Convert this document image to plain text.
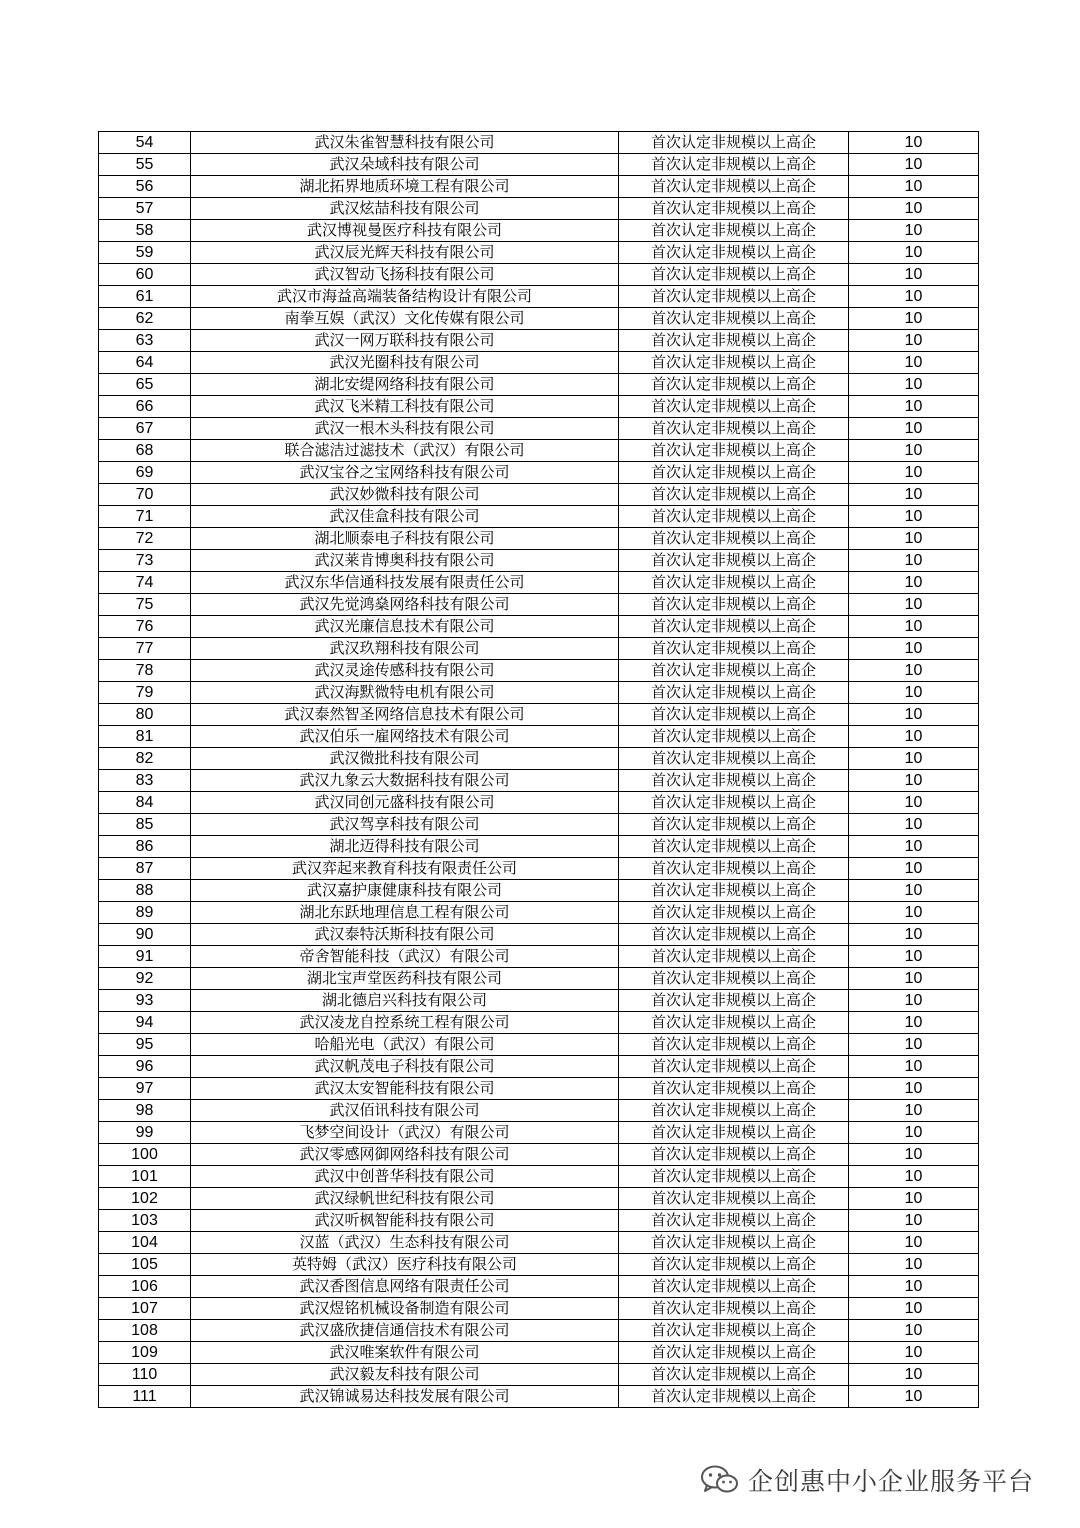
54	武汉朱雀智慧科技有限公司	首次认定非规模以上高企	10
55	武汉朵域科技有限公司	首次认定非规模以上高企	10
56	湖北拓界地质环境工程有限公司	首次认定非规模以上高企	10
57	武汉炫喆科技有限公司	首次认定非规模以上高企	10
58	武汉博视曼医疗科技有限公司	首次认定非规模以上高企	10
59	武汉辰光辉天科技有限公司	首次认定非规模以上高企	10
60	武汉智动飞扬科技有限公司	首次认定非规模以上高企	10
61	武汉市海益高端装备结构设计有限公司	首次认定非规模以上高企	10
62	南拳互娱（武汉）文化传媒有限公司	首次认定非规模以上高企	10
63	武汉一网万联科技有限公司	首次认定非规模以上高企	10
64	武汉光圈科技有限公司	首次认定非规模以上高企	10
65	湖北安缇网络科技有限公司	首次认定非规模以上高企	10
66	武汉飞米精工科技有限公司	首次认定非规模以上高企	10
67	武汉一根木头科技有限公司	首次认定非规模以上高企	10
68	联合滤洁过滤技术（武汉）有限公司	首次认定非规模以上高企	10
69	武汉宝谷之宝网络科技有限公司	首次认定非规模以上高企	10
70	武汉妙微科技有限公司	首次认定非规模以上高企	10
71	武汉佳盒科技有限公司	首次认定非规模以上高企	10
72	湖北顺泰电子科技有限公司	首次认定非规模以上高企	10
73	武汉莱肯博奥科技有限公司	首次认定非规模以上高企	10
74	武汉东华信通科技发展有限责任公司	首次认定非规模以上高企	10
75	武汉先觉鸿燊网络科技有限公司	首次认定非规模以上高企	10
76	武汉光廉信息技术有限公司	首次认定非规模以上高企	10
77	武汉玖翔科技有限公司	首次认定非规模以上高企	10
78	武汉灵途传感科技有限公司	首次认定非规模以上高企	10
79	武汉海默微特电机有限公司	首次认定非规模以上高企	10
80	武汉泰然智圣网络信息技术有限公司	首次认定非规模以上高企	10
81	武汉伯乐一雇网络技术有限公司	首次认定非规模以上高企	10
82	武汉微批科技有限公司	首次认定非规模以上高企	10
83	武汉九象云大数据科技有限公司	首次认定非规模以上高企	10
84	武汉同创元盛科技有限公司	首次认定非规模以上高企	10
85	武汉驾享科技有限公司	首次认定非规模以上高企	10
86	湖北迈得科技有限公司	首次认定非规模以上高企	10
87	武汉弈起来教育科技有限责任公司	首次认定非规模以上高企	10
88	武汉嘉护康健康科技有限公司	首次认定非规模以上高企	10
89	湖北东跃地理信息工程有限公司	首次认定非规模以上高企	10
90	武汉泰特沃斯科技有限公司	首次认定非规模以上高企	10
91	帝舍智能科技（武汉）有限公司	首次认定非规模以上高企	10
92	湖北宝声堂医药科技有限公司	首次认定非规模以上高企	10
93	湖北德启兴科技有限公司	首次认定非规模以上高企	10
94	武汉凌龙自控系统工程有限公司	首次认定非规模以上高企	10
95	哈船光电（武汉）有限公司	首次认定非规模以上高企	10
96	武汉帆茂电子科技有限公司	首次认定非规模以上高企	10
97	武汉太安智能科技有限公司	首次认定非规模以上高企	10
98	武汉佰讯科技有限公司	首次认定非规模以上高企	10
99	飞梦空间设计（武汉）有限公司	首次认定非规模以上高企	10
100	武汉零感网御网络科技有限公司	首次认定非规模以上高企	10
101	武汉中创普华科技有限公司	首次认定非规模以上高企	10
102	武汉绿帆世纪科技有限公司	首次认定非规模以上高企	10
103	武汉听枫智能科技有限公司	首次认定非规模以上高企	10
104	汉蓝（武汉）生态科技有限公司	首次认定非规模以上高企	10
105	英特姆（武汉）医疗科技有限公司	首次认定非规模以上高企	10
106	武汉香图信息网络有限责任公司	首次认定非规模以上高企	10
107	武汉煜铭机械设备制造有限公司	首次认定非规模以上高企	10
108	武汉盛欣捷信通信技术有限公司	首次认定非规模以上高企	10
109	武汉唯案软件有限公司	首次认定非规模以上高企	10
110	武汉毅友科技有限公司	首次认定非规模以上高企	10
111	武汉锦诚易达科技发展有限公司	首次认定非规模以上高企	10
企创惠中小企业服务平台
